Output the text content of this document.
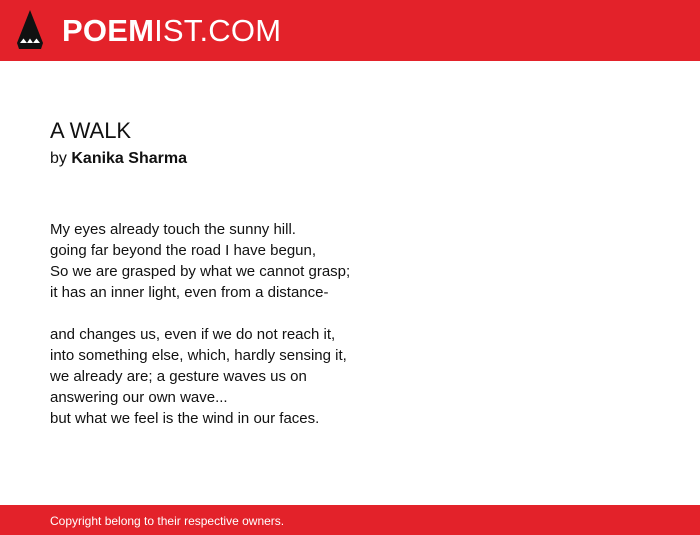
POEMIST.COM
A WALK
by Kanika Sharma
My eyes already touch the sunny hill.
going far beyond the road I have begun,
So we are grasped by what we cannot grasp;
it has an inner light, even from a distance-
and changes us, even if we do not reach it,
into something else, which, hardly sensing it,
we already are; a gesture waves us on
answering our own wave...
but what we feel is the wind in our faces.
Copyright belong to their respective owners.
